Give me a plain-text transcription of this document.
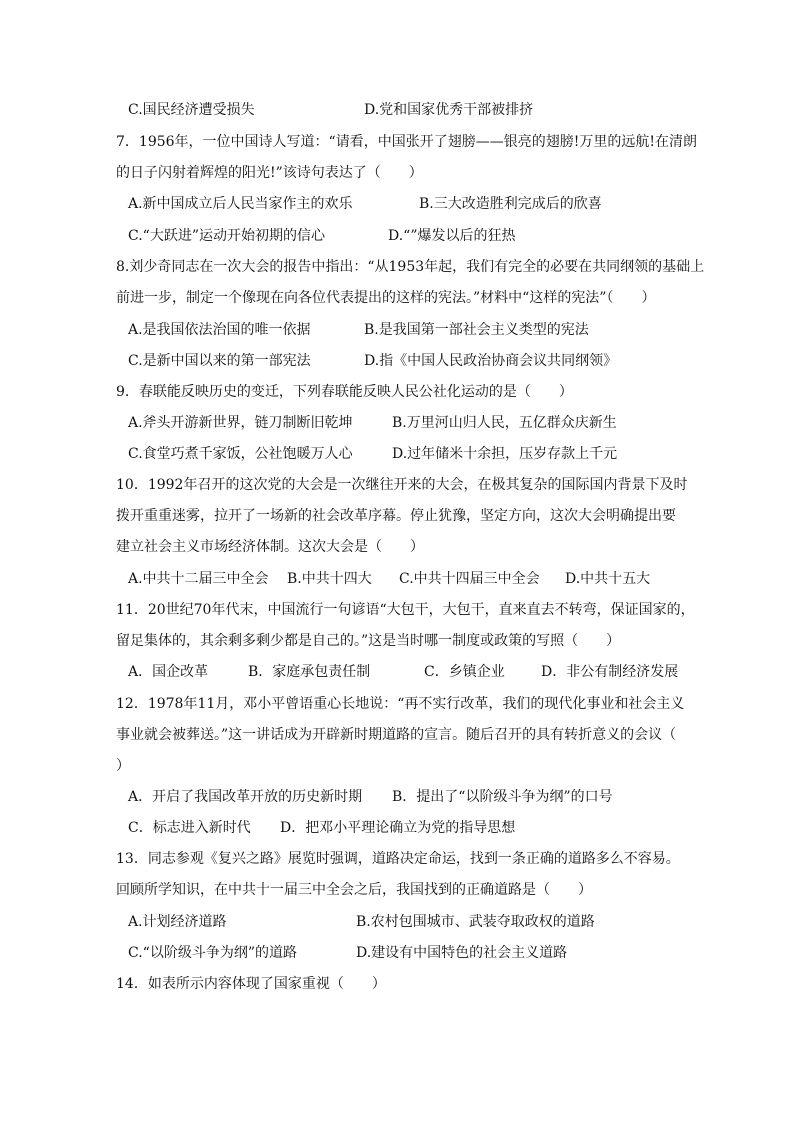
C.国民经济遭受损失	D.党和国家优秀干部被排挤
7．1956年，一位中国诗人写道：“请看，中国张开了翅膀——银亮的翅膀!万里的远航!在清朗
的日子闪射着辉煌的阳光!”该诗句表达了（　　）
A.新中国成立后人民当家作主的欢乐	B.三大改造胜利完成后的欣喜
C.“大跃进”运动开始初期的信心	D.“”爆发以后的狂热
8.刘少奇同志在一次大会的报告中指出：“从1953年起，我们有完全的必要在共同纲领的基础上
前进一步，制定一个像现在向各位代表提出的这样的宪法。”材料中“这样的宪法”（　　）
A.是我国依法治国的唯一依据	B.是我国第一部社会主义类型的宪法
C.是新中国以来的第一部宪法	D.指《中国人民政治协商会议共同纲领》
9．春联能反映历史的变迁，下列春联能反映人民公社化运动的是（　　）
A.斧头开游新世界，链刀制断旧乾坤	B.万里河山归人民，五亿群众庆新生
C.食堂巧煮千家饭，公社饱暖万人心	D.过年储米十余担，压岁存款上千元
10．1992年召开的这次党的大会是一次继往开来的大会，在极其复杂的国际国内背景下及时
拨开重重迷雾，拉开了一场新的社会改革序幕。停止犹豫，坚定方向，这次大会明确提出要
建立社会主义市场经济体制。这次大会是（　　）
A.中共十二届三中全会 B.中共十四大 C.中共十四届三中全会 D.中共十五大
11．20世纪70年代末，中国流行一句谚语“大包干，大包干，直来直去不转弯，保证国家的，
留足集体的，其余剩多剩少都是自己的。”这是当时哪一制度或政策的写照（　　）
A．国企改革	B．家庭承包责任制	C．乡镇企业	D．非公有制经济发展
12．1978年11月，邓小平曾语重心长地说：“再不实行改革，我们的现代化事业和社会主义
事业就会被葬送。”这一讲话成为开辟新时期道路的宣言。随后召开的具有转折意义的会议（
）
A．开启了我国改革开放的历史新时期 B．提出了“以阶级斗争为纲”的口号
C．标志进入新时代 D．把邓小平理论确立为党的指导思想
13．同志参观《复兴之路》展览时强调，道路决定命运，找到一条正确的道路多么不容易。
回顾所学知识，在中共十一届三中全会之后，我国找到的正确道路是（　　）
A.计划经济道路	B.农村包围城市、武装夺取政权的道路
C.“以阶级斗争为纲”的道路	D.建设有中国特色的社会主义道路
14．如表所示内容体现了国家重视（　　）
